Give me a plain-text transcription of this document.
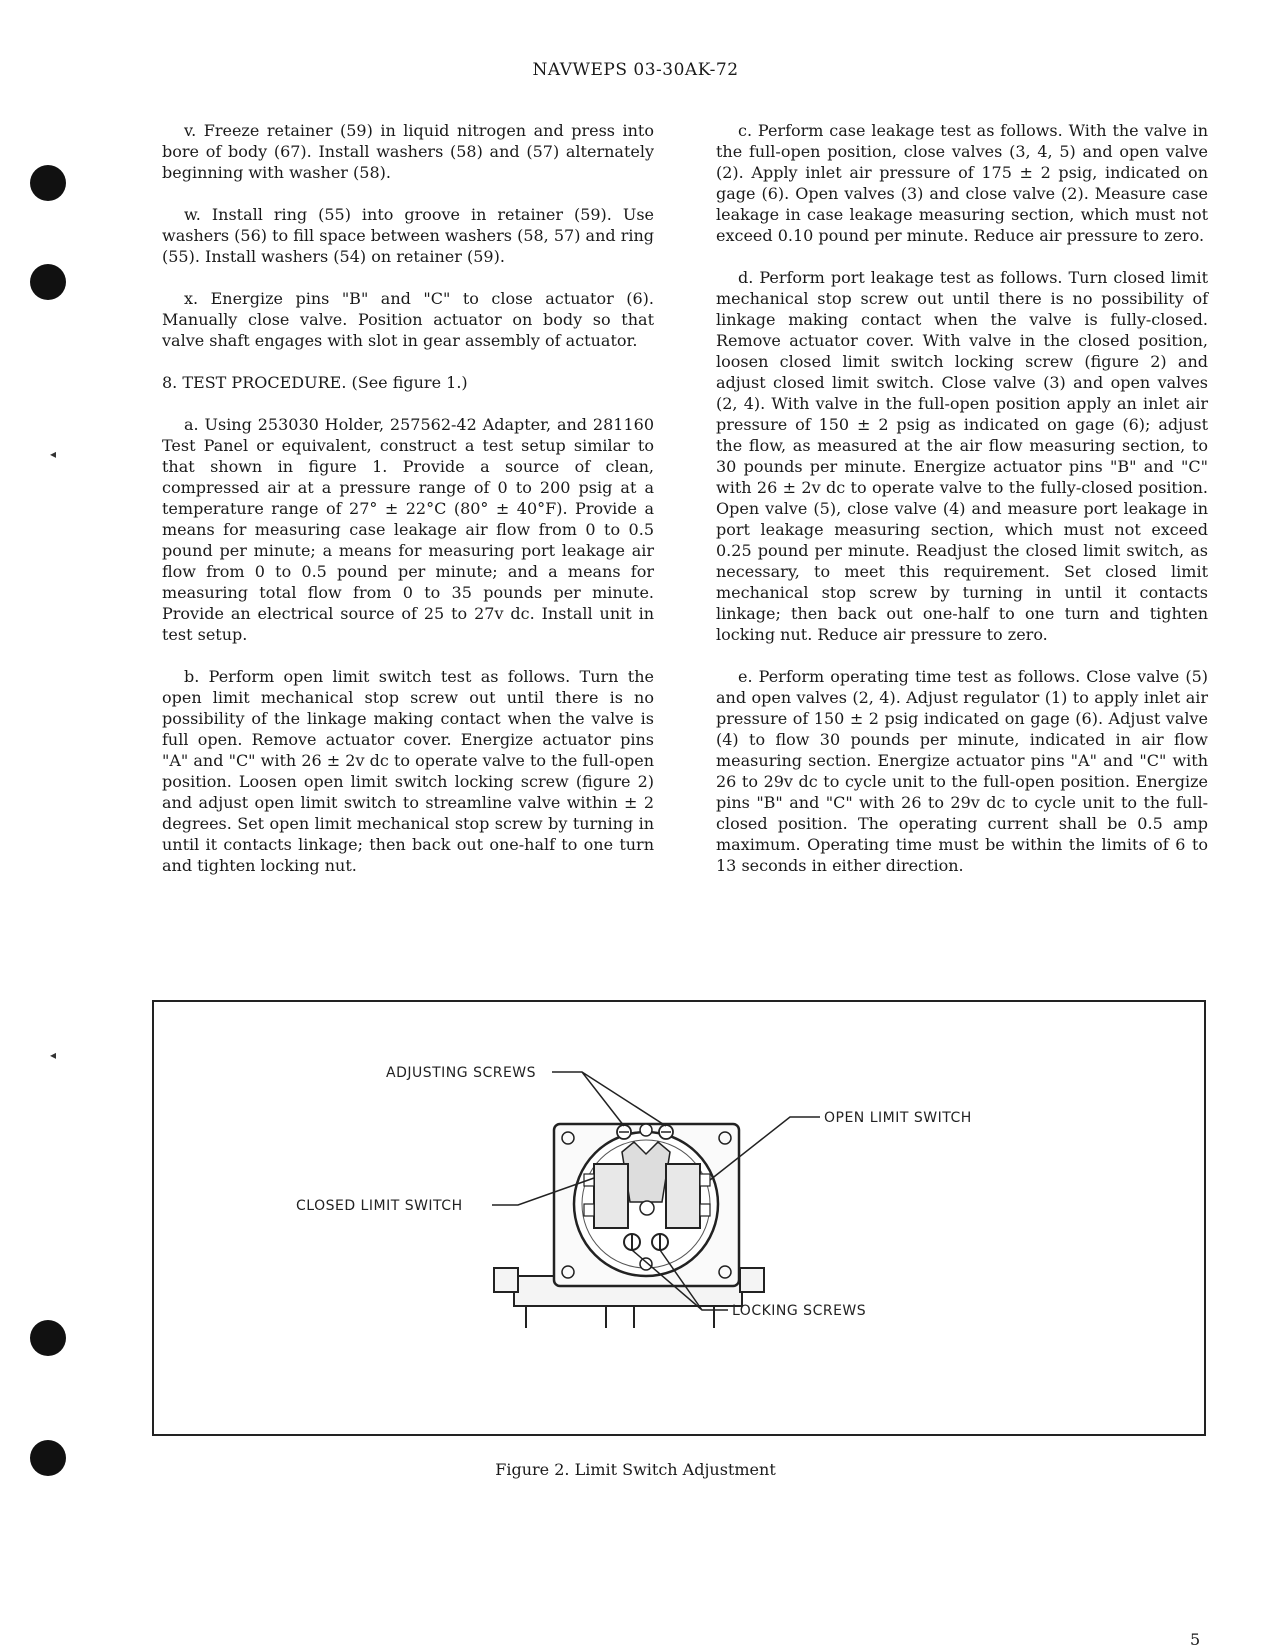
◂
◂
NAVWEPS 03-30AK-72

v. Freeze retainer (59) in liquid nitrogen and press into bore of body (67). Install washers (58) and (57) alternately beginning with washer (58).

w. Install ring (55) into groove in retainer (59). Use washers (56) to fill space between washers (58, 57) and ring (55). Install washers (54) on retainer (59).

x. Energize pins "B" and "C" to close actuator (6). Manually close valve. Position actuator on body so that valve shaft engages with slot in gear assembly of actuator.

8. TEST PROCEDURE. (See figure 1.)

a. Using 253030 Holder, 257562-42 Adapter, and 281160 Test Panel or equivalent, construct a test setup similar to that shown in figure 1. Provide a source of clean, compressed air at a pressure range of 0 to 200 psig at a temperature range of 27° ± 22°C (80° ± 40°F). Provide a means for measuring case leakage air flow from 0 to 0.5 pound per minute; a means for measuring port leakage air flow from 0 to 0.5 pound per minute; and a means for measuring total flow from 0 to 35 pounds per minute. Provide an electrical source of 25 to 27v dc. Install unit in test setup.

b. Perform open limit switch test as follows. Turn the open limit mechanical stop screw out until there is no possibility of the linkage making contact when the valve is full open. Remove actuator cover. Energize actuator pins "A" and "C" with 26 ± 2v dc to operate valve to the full-open position. Loosen open limit switch locking screw (figure 2) and adjust open limit switch to streamline valve within ± 2 degrees. Set open limit mechanical stop screw by turning in until it contacts linkage; then back out one-half to one turn and tighten locking nut.

c. Perform case leakage test as follows. With the valve in the full-open position, close valves (3, 4, 5) and open valve (2). Apply inlet air pressure of 175 ± 2 psig, indicated on gage (6). Open valves (3) and close valve (2). Measure case leakage in case leakage measuring section, which must not exceed 0.10 pound per minute. Reduce air pressure to zero.

d. Perform port leakage test as follows. Turn closed limit mechanical stop screw out until there is no possibility of linkage making contact when the valve is fully-closed. Remove actuator cover. With valve in the closed position, loosen closed limit switch locking screw (figure 2) and adjust closed limit switch. Close valve (3) and open valves (2, 4). With valve in the full-open position apply an inlet air pressure of 150 ± 2 psig as indicated on gage (6); adjust the flow, as measured at the air flow measuring section, to 30 pounds per minute. Energize actuator pins "B" and "C" with 26 ± 2v dc to operate valve to the fully-closed position. Open valve (5), close valve (4) and measure port leakage in port leakage measuring section, which must not exceed 0.25 pound per minute. Readjust the closed limit switch, as necessary, to meet this requirement. Set closed limit mechanical stop screw by turning in until it contacts linkage; then back out one-half to one turn and tighten locking nut. Reduce air pressure to zero.

e. Perform operating time test as follows. Close valve (5) and open valves (2, 4). Adjust regulator (1) to apply inlet air pressure of 150 ± 2 psig indicated on gage (6). Adjust valve (4) to flow 30 pounds per minute, indicated in air flow measuring section. Energize actuator pins "A" and "C" with 26 to 29v dc to cycle unit to the full-open position. Energize pins "B" and "C" with 26 to 29v dc to cycle unit to the full-closed position. The operating current shall be 0.5 amp maximum. Operating time must be within the limits of 6 to 13 seconds in either direction.

ADJUSTING SCREWS
OPEN LIMIT SWITCH
CLOSED LIMIT SWITCH
LOCKING SCREWS
Figure 2. Limit Switch Adjustment
5
